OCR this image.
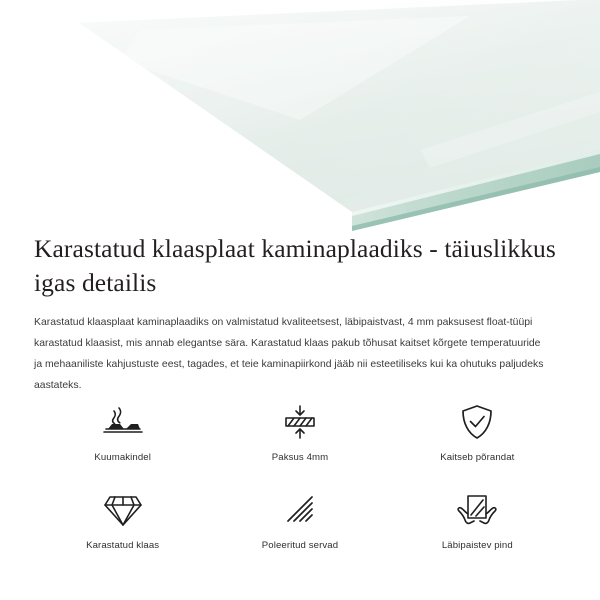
Karastatud klaasplaat kaminaplaadiks - täiuslikkus igas detailis

Karastatud klaasplaat kaminaplaadiks on valmistatud kvaliteetsest, läbipaistvast, 4 mm paksusest float-tüüpi karastatud klaasist, mis annab elegantse sära. Karastatud klaas pakub tõhusat kaitset kõrgete temperatuuride ja mehaaniliste kahjustuste eest, tagades, et teie kaminapiirkond jääb nii esteetiliseks kui ka ohutuks paljudeks aastateks.

Kuumakindel	Paksus 4mm	Kaitseb põrandat
Karastatud klaas	Poleeritud servad	Läbipaistev pind
